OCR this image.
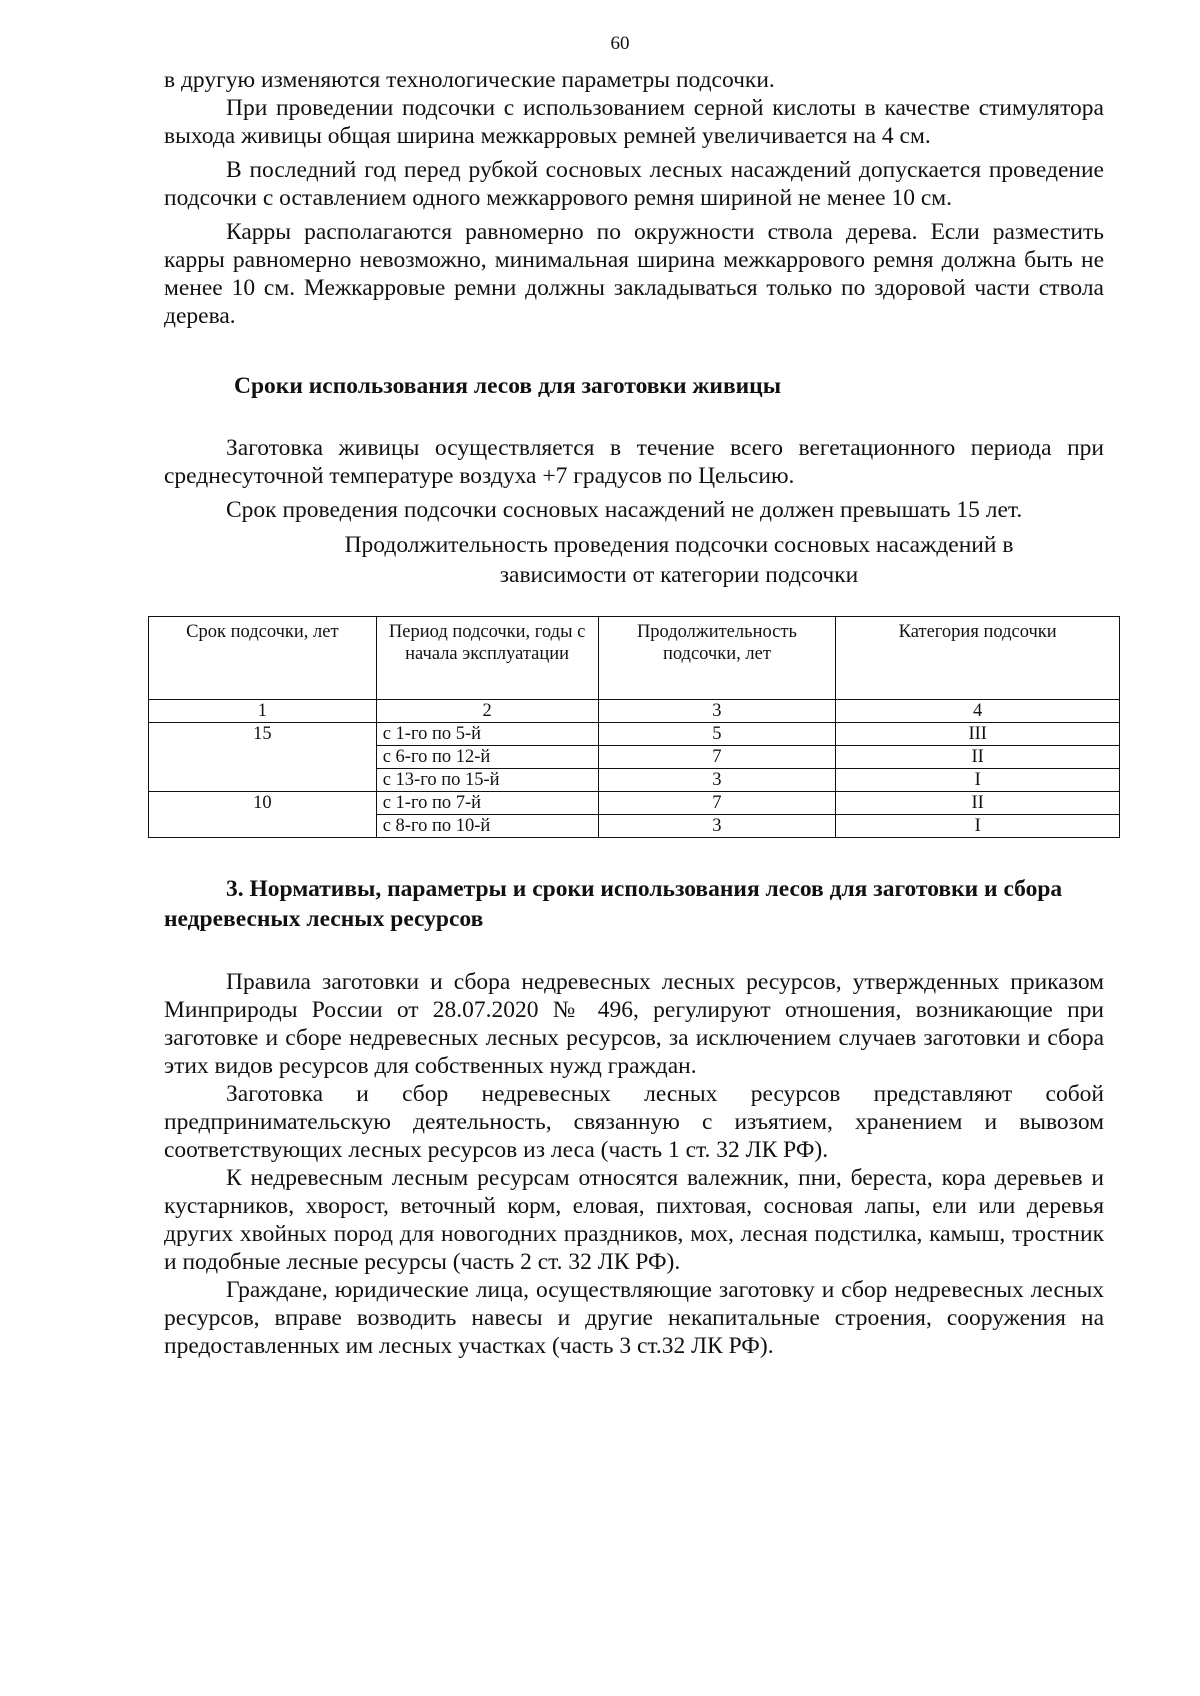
60

в другую изменяются технологические параметры подсочки.

При проведении подсочки с использованием серной кислоты в качестве стимулятора выхода живицы общая ширина межкарровых ремней увеличивается на 4 см.

В последний год перед рубкой сосновых лесных насаждений допускается проведение подсочки с оставлением одного межкаррового ремня шириной не менее 10 см.

Карры располагаются равномерно по окружности ствола дерева. Если разместить карры равномерно невозможно, минимальная ширина межкаррового ремня должна быть не менее 10 см. Межкарровые ремни должны закладываться только по здоровой части ствола дерева.

Сроки использования лесов для заготовки живицы

Заготовка живицы осуществляется в течение всего вегетационного периода при среднесуточной температуре воздуха +7 градусов по Цельсию.

Срок проведения подсочки сосновых насаждений не должен превышать 15 лет.

Продолжительность проведения подсочки сосновых насаждений в
зависимости от категории подсочки
Срок подсочки, лет	Период подсочки, годы с начала эксплуатации	Продолжительность подсочки, лет	Категория подсочки
1	2	3	4
15	с 1-го по 5-й	5	III
	с 6-го по 12-й	7	II
	с 13-го по 15-й	3	I
10	с 1-го по 7-й	7	II
	с 8-го по 10-й	3	I
3. Нормативы, параметры и сроки использования лесов для заготовки и сбора недревесных лесных ресурсов

Правила заготовки и сбора недревесных лесных ресурсов, утвержденных приказом Минприроды России от 28.07.2020 № 496, регулируют отношения, возникающие при заготовке и сборе недревесных лесных ресурсов, за исключением случаев заготовки и сбора этих видов ресурсов для собственных нужд граждан.

Заготовка и сбор недревесных лесных ресурсов представляют собой предпринимательскую деятельность, связанную с изъятием, хранением и вывозом соответствующих лесных ресурсов из леса (часть 1 ст. 32 ЛК РФ).

К недревесным лесным ресурсам относятся валежник, пни, береста, кора деревьев и кустарников, хворост, веточный корм, еловая, пихтовая, сосновая лапы, ели или деревья других хвойных пород для новогодних праздников, мох, лесная подстилка, камыш, тростник и подобные лесные ресурсы (часть 2 ст. 32 ЛК РФ).

Граждане, юридические лица, осуществляющие заготовку и сбор недревесных лесных ресурсов, вправе возводить навесы и другие некапитальные строения, сооружения на предоставленных им лесных участках (часть 3 ст.32 ЛК РФ).
